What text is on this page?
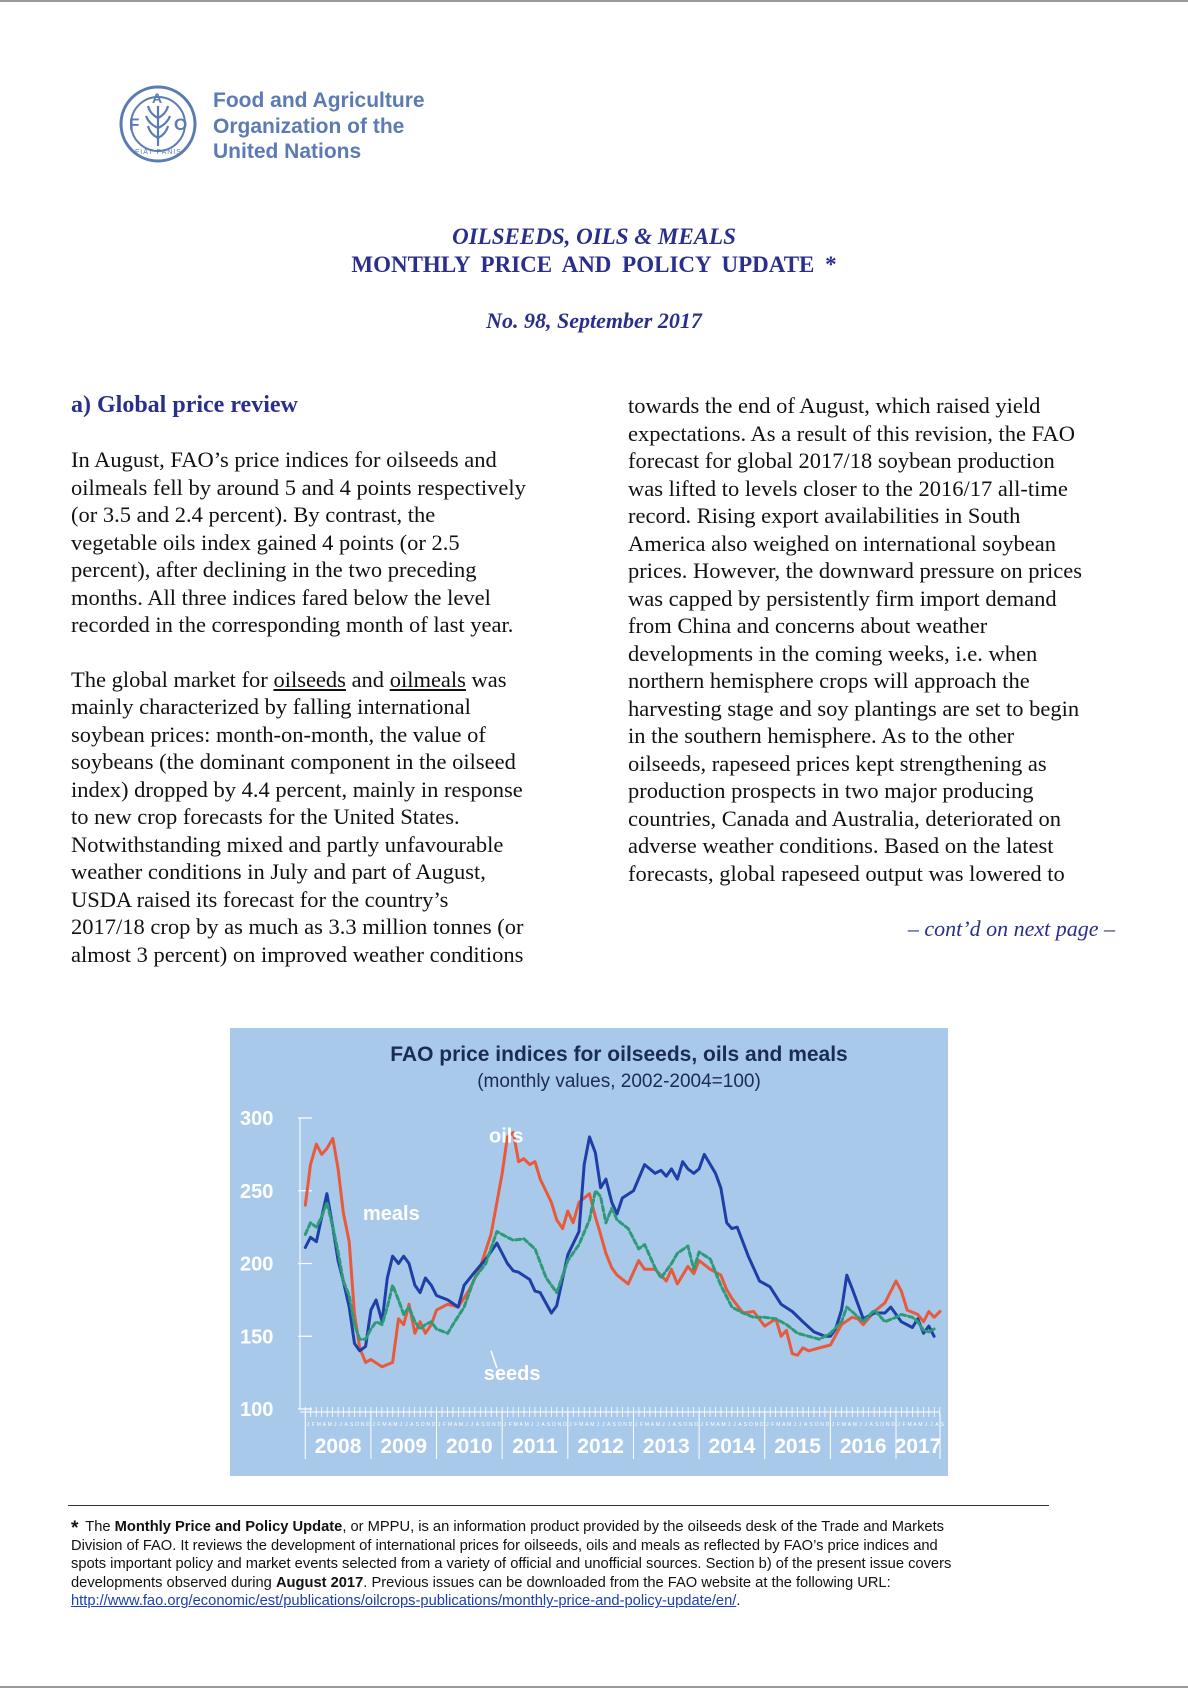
F
A
O
FIAT PANIS
Food and Agriculture
Organization of the
United Nations
OILSEEDS, OILS & MEALS
MONTHLY PRICE AND POLICY UPDATE *
No. 98, September 2017
a) Global price review

In August, FAO’s price indices for oilseeds and

oilmeals fell by around 5 and 4 points respectively

(or 3.5 and 2.4 percent). By contrast, the

vegetable oils index gained 4 points (or 2.5

percent), after declining in the two preceding

months. All three indices fared below the level

recorded in the corresponding month of last year.

The global market for oilseeds and oilmeals was

mainly characterized by falling international

soybean prices: month-on-month, the value of

soybeans (the dominant component in the oilseed

index) dropped by 4.4 percent, mainly in response

to new crop forecasts for the United States.

Notwithstanding mixed and partly unfavourable

weather conditions in July and part of August,

USDA raised its forecast for the country’s

2017/18 crop by as much as 3.3 million tonnes (or

almost 3 percent) on improved weather conditions

towards the end of August, which raised yield

expectations. As a result of this revision, the FAO

forecast for global 2017/18 soybean production

was lifted to levels closer to the 2016/17 all-time

record. Rising export availabilities in South

America also weighed on international soybean

prices. However, the downward pressure on prices

was capped by persistently firm import demand

from China and concerns about weather

developments in the coming weeks, i.e. when

northern hemisphere crops will approach the

harvesting stage and soy plantings are set to begin

in the southern hemisphere. As to the other

oilseeds, rapeseed prices kept strengthening as

production prospects in two major producing

countries, Canada and Australia, deteriorated on

adverse weather conditions. Based on the latest

forecasts, global rapeseed output was lowered to

– cont’d on next page –
FAO price indices for oilseeds, oils and meals
(monthly values, 2002-2004=100)
100
150
200
250
300
J F M A M J J A S O N D
2008
J F M A M J J A S O N D
2009
J F M A M J J A S O N D
2010
J F M A M J J A S O N D
2011
J F M A M J J A S O N D
2012
J F M A M J J A S O N D
2013
J F M A M J J A S O N D
2014
J F M A M J J A S O N D
2015
J F M A M J J A S O N D
2016
J F M A M J J A S
2017
oils
meals
seeds
* The Monthly Price and Policy Update, or MPPU, is an information product provided by the oilseeds desk of the Trade and Markets
Division of FAO. It reviews the development of international prices for oilseeds, oils and meals as reflected by FAO’s price indices and
spots important policy and market events selected from a variety of official and unofficial sources. Section b) of the present issue covers
developments observed during August 2017. Previous issues can be downloaded from the FAO website at the following URL:
http://www.fao.org/economic/est/publications/oilcrops-publications/monthly-price-and-policy-update/en/.
